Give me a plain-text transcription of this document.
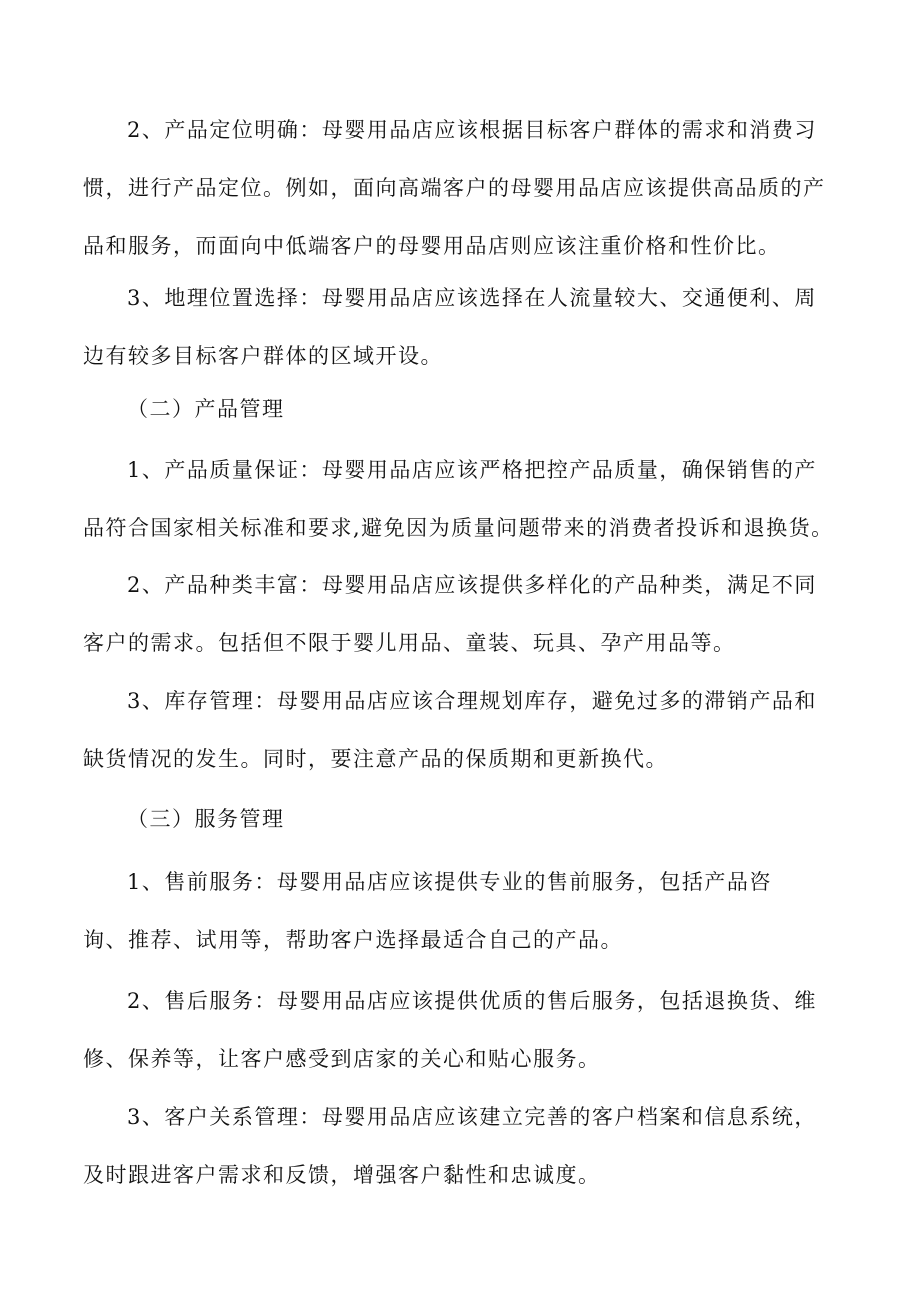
2、产品定位明确：母婴用品店应该根据目标客户群体的需求和消费习
惯，进行产品定位。例如，面向高端客户的母婴用品店应该提供高品质的产
品和服务，而面向中低端客户的母婴用品店则应该注重价格和性价比。

3、地理位置选择：母婴用品店应该选择在人流量较大、交通便利、周
边有较多目标客户群体的区域开设。

（二）产品管理

1、产品质量保证：母婴用品店应该严格把控产品质量，确保销售的产
品符合国家相关标准和要求,避免因为质量问题带来的消费者投诉和退换货。

2、产品种类丰富：母婴用品店应该提供多样化的产品种类，满足不同
客户的需求。包括但不限于婴儿用品、童装、玩具、孕产用品等。

3、库存管理：母婴用品店应该合理规划库存，避免过多的滞销产品和
缺货情况的发生。同时，要注意产品的保质期和更新换代。

（三）服务管理

1、售前服务：母婴用品店应该提供专业的售前服务，包括产品咨
询、推荐、试用等，帮助客户选择最适合自己的产品。

2、售后服务：母婴用品店应该提供优质的售后服务，包括退换货、维
修、保养等，让客户感受到店家的关心和贴心服务。

3、客户关系管理：母婴用品店应该建立完善的客户档案和信息系统，
及时跟进客户需求和反馈，增强客户黏性和忠诚度。
